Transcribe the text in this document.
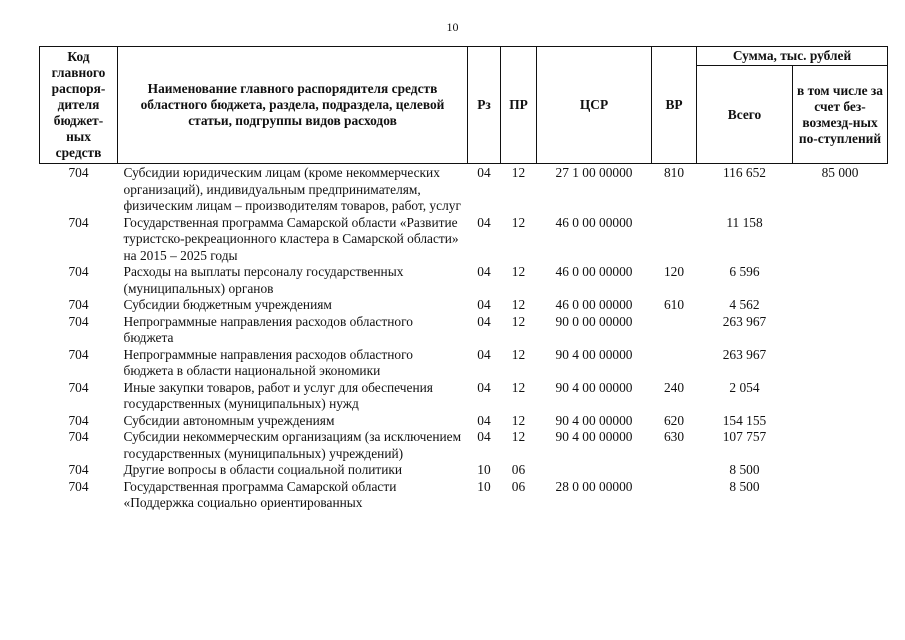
10
Код главного распоря-дителя бюджет-ных средств	Наименование главного распорядителя средств областного бюджета, раздела, подраздела, целевой статьи, подгруппы видов расходов	Рз	ПР	ЦСР	ВР	Сумма, тыс. рублей	
						Всего	в том числе за счет без-возмезд-ных по-ступлений
704	Субсидии юридическим лицам (кроме некоммерческих организаций), индивидуальным предпринимателям, физическим лицам – производителям товаров, работ, услуг	04	12	27 1 00 00000	810	116 652	85 000
704	Государственная программа Самарской области «Развитие туристско-рекреационного кластера в Самарской области» на 2015 – 2025 годы	04	12	46 0 00 00000		11 158	
704	Расходы на выплаты персоналу государственных (муниципальных) органов	04	12	46 0 00 00000	120	6 596	
704	Субсидии бюджетным учреждениям	04	12	46 0 00 00000	610	4 562	
704	Непрограммные направления расходов областного бюджета	04	12	90 0 00 00000		263 967	
704	Непрограммные направления расходов областного бюджета в области национальной экономики	04	12	90 4 00 00000		263 967	
704	Иные закупки товаров, работ и услуг для обеспечения государственных (муниципальных) нужд	04	12	90 4 00 00000	240	2 054	
704	Субсидии автономным учреждениям	04	12	90 4 00 00000	620	154 155	
704	Субсидии некоммерческим организациям (за исключением государственных (муниципальных) учреждений)	04	12	90 4 00 00000	630	107 757	
704	Другие вопросы в области социальной политики	10	06			8 500	
704	Государственная программа Самарской области «Поддержка социально ориентированных	10	06	28 0 00 00000		8 500	
